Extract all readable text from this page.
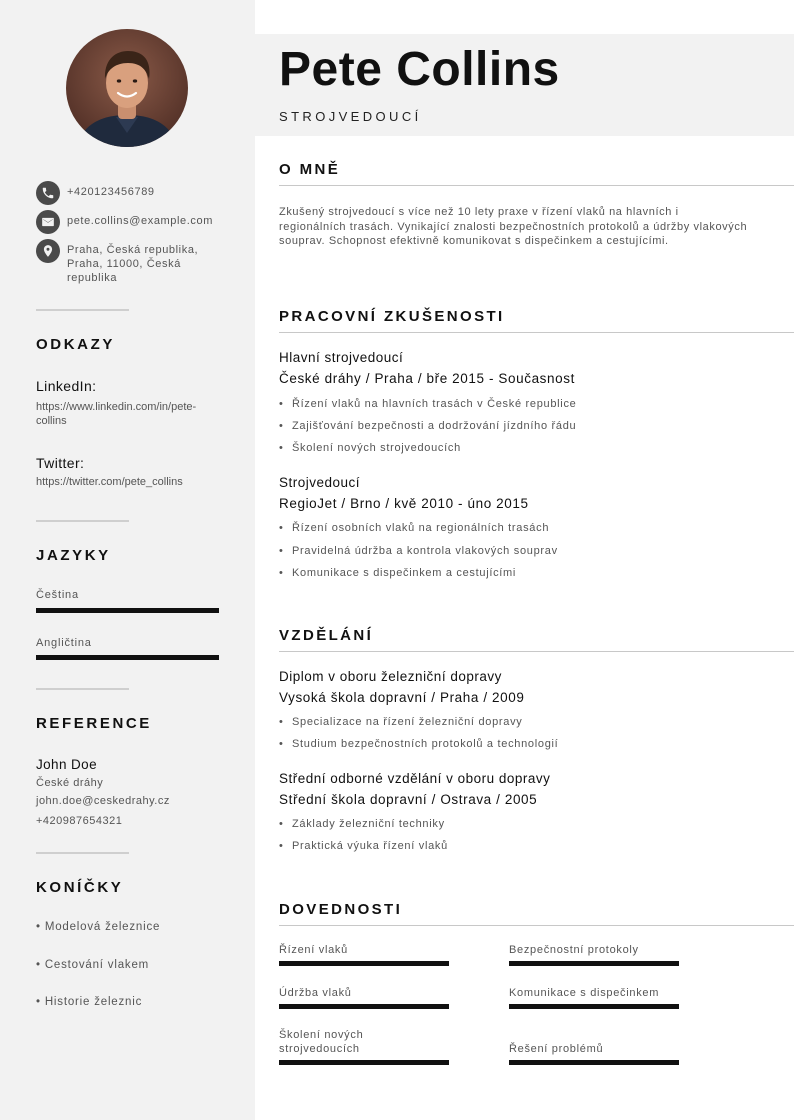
+420123456789
pete.collins@example.com
Praha, Česká republika, Praha, 11000, Česká republika
ODKAZY
LinkedIn:
https://www.linkedin.com/in/pete-collins
Twitter:
https://twitter.com/pete_collins
JAZYKY
Čeština
Angličtina
REFERENCE
John Doe
České dráhy
john.doe@ceskedrahy.cz
+420987654321
KONÍČKY
• Modelová železnice
• Cestování vlakem
• Historie železnic
Pete Collins
STROJVEDOUCÍ
O MNĚ
Zkušený strojvedoucí s více než 10 lety praxe v řízení vlaků na hlavních i regionálních trasách. Vynikající znalosti bezpečnostních protokolů a údržby vlakových souprav. Schopnost efektivně komunikovat s dispečinkem a cestujícími.
PRACOVNÍ ZKUŠENOSTI
Hlavní strojvedoucí
České dráhy / Praha / bře 2015 - Současnost
• Řízení vlaků na hlavních trasách v České republice
• Zajišťování bezpečnosti a dodržování jízdního řádu
• Školení nových strojvedoucích
Strojvedoucí
RegioJet / Brno / kvě 2010 - úno 2015
• Řízení osobních vlaků na regionálních trasách
• Pravidelná údržba a kontrola vlakových souprav
• Komunikace s dispečinkem a cestujícími
VZDĚLÁNÍ
Diplom v oboru železniční dopravy
Vysoká škola dopravní / Praha / 2009
• Specializace na řízení železniční dopravy
• Studium bezpečnostních protokolů a technologií
Střední odborné vzdělání v oboru dopravy
Střední škola dopravní / Ostrava / 2005
• Základy železniční techniky
• Praktická výuka řízení vlaků
DOVEDNOSTI
Řízení vlaků	Bezpečnostní protokoly
Údržba vlaků	Komunikace s dispečinkem
Školení nových strojvedoucích	Řešení problémů
